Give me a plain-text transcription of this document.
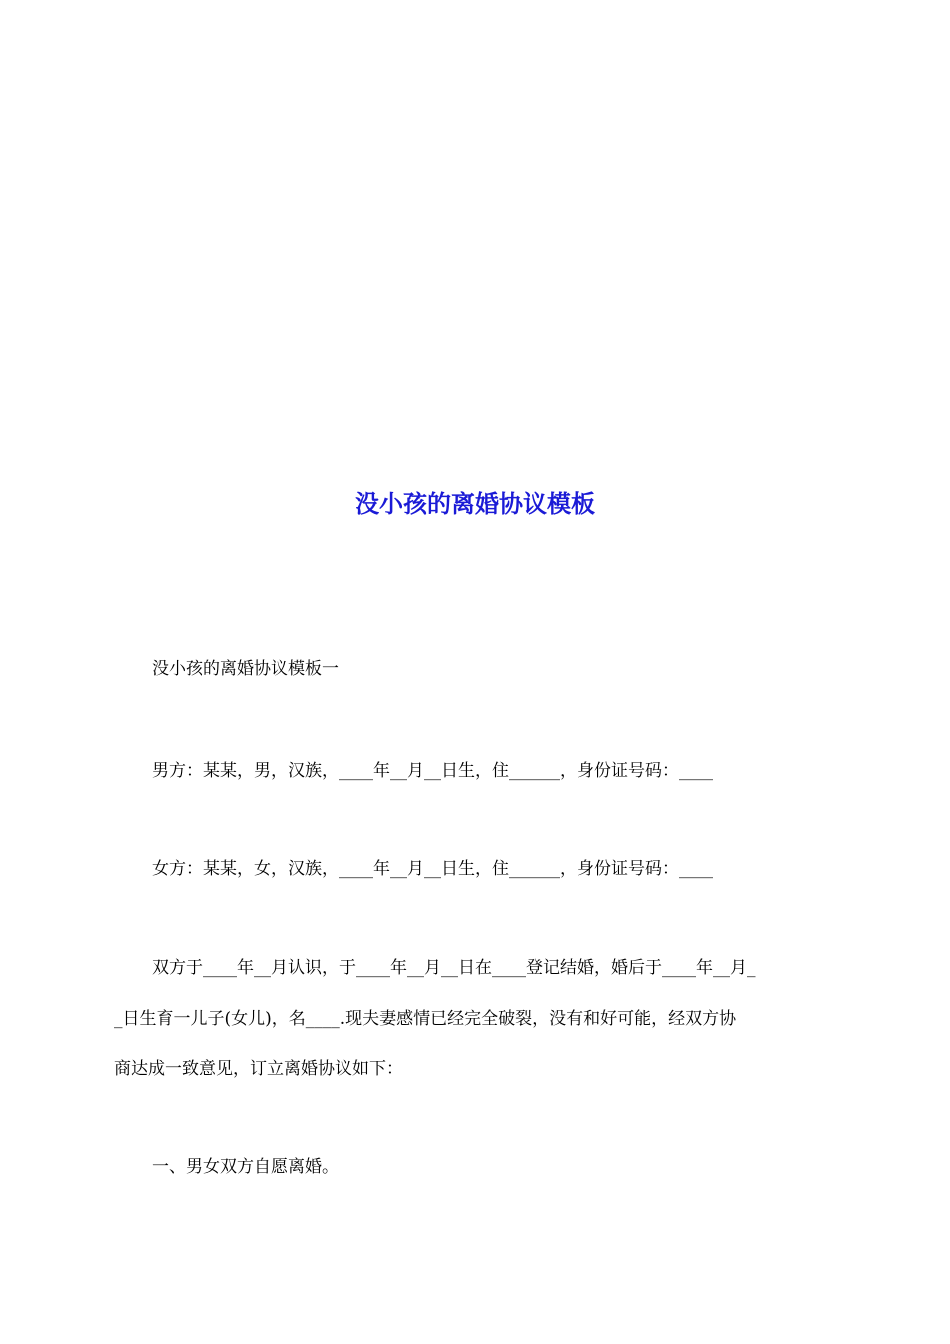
没小孩的离婚协议模板

没小孩的离婚协议模板一

男方：某某，男，汉族，____年__月__日生，住______，身份证号码：____

女方：某某，女，汉族，____年__月__日生，住______，身份证号码：____

双方于____年__月认识，于____年__月__日在____登记结婚，婚后于____年__月_

_日生育一儿子(女儿)，名____.现夫妻感情已经完全破裂，没有和好可能，经双方协

商达成一致意见，订立离婚协议如下：

一、男女双方自愿离婚。
